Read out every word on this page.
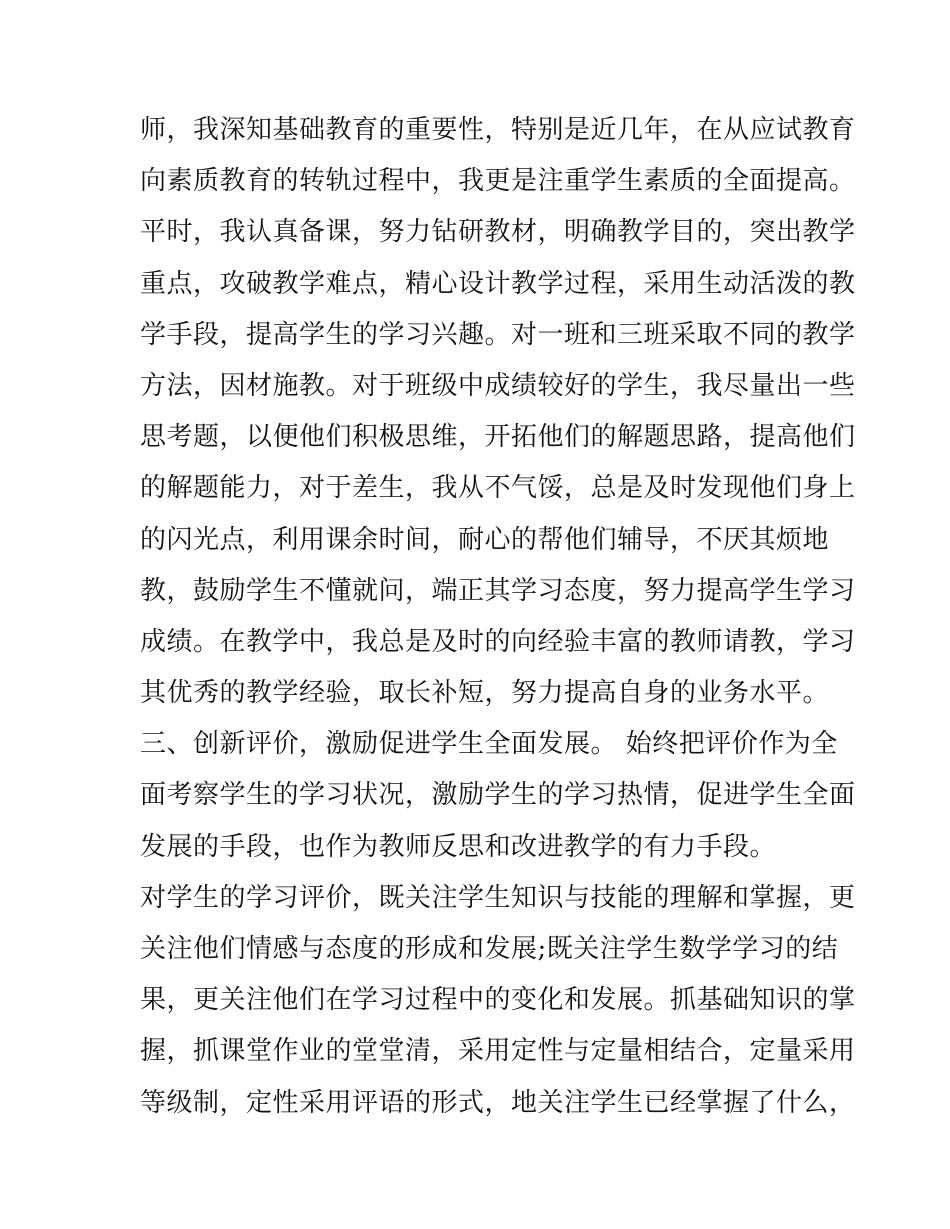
师，我深知基础教育的重要性，特别是近几年，在从应试教育
向素质教育的转轨过程中，我更是注重学生素质的全面提高。
平时，我认真备课，努力钻研教材，明确教学目的，突出教学
重点，攻破教学难点，精心设计教学过程，采用生动活泼的教
学手段，提高学生的学习兴趣。对一班和三班采取不同的教学
方法，因材施教。对于班级中成绩较好的学生，我尽量出一些
思考题，以便他们积极思维，开拓他们的解题思路，提高他们
的解题能力，对于差生，我从不气馁，总是及时发现他们身上
的闪光点，利用课余时间，耐心的帮他们辅导，不厌其烦地
教，鼓励学生不懂就问，端正其学习态度，努力提高学生学习
成绩。在教学中，我总是及时的向经验丰富的教师请教，学习
其优秀的教学经验，取长补短，努力提高自身的业务水平。
三、创新评价，激励促进学生全面发展。 始终把评价作为全
面考察学生的学习状况，激励学生的学习热情，促进学生全面
发展的手段，也作为教师反思和改进教学的有力手段。
对学生的学习评价，既关注学生知识与技能的理解和掌握，更
关注他们情感与态度的形成和发展;既关注学生数学学习的结
果，更关注他们在学习过程中的变化和发展。抓基础知识的掌
握，抓课堂作业的堂堂清，采用定性与定量相结合，定量采用
等级制，定性采用评语的形式，地关注学生已经掌握了什么，
